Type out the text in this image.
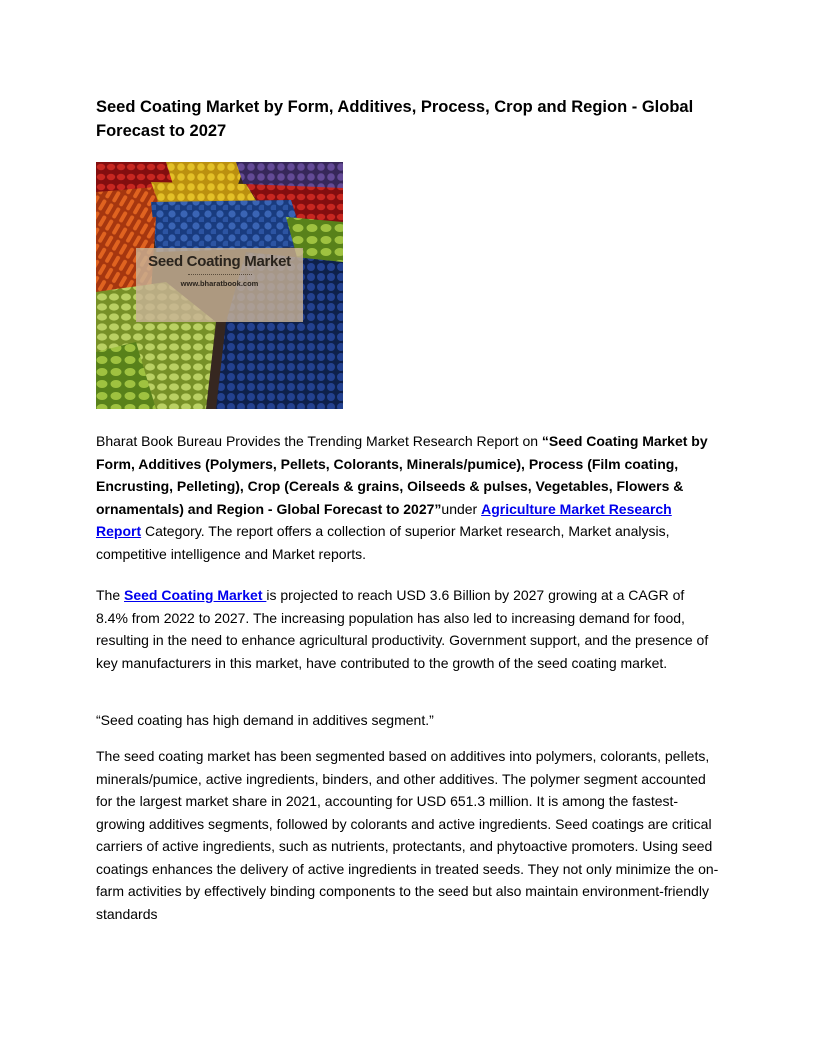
Seed Coating Market by Form, Additives, Process, Crop and Region - Global Forecast to 2027
Seed Coating Market
www.bharatbook.com

Bharat Book Bureau Provides the Trending Market Research Report on “Seed Coating Market by Form, Additives (Polymers, Pellets, Colorants, Minerals/pumice), Process (Film coating, Encrusting, Pelleting), Crop (Cereals & grains, Oilseeds & pulses, Vegetables, Flowers & ornamentals) and Region - Global Forecast to 2027”under Agriculture Market Research Report Category. The report offers a collection of superior Market research, Market analysis, competitive intelligence and Market reports.

The Seed Coating Market is projected to reach USD 3.6 Billion by 2027 growing at a CAGR of 8.4% from 2022 to 2027. The increasing population has also led to increasing demand for food, resulting in the need to enhance agricultural productivity. Government support, and the presence of key manufacturers in this market, have contributed to the growth of the seed coating market.

“Seed coating has high demand in additives segment.”

The seed coating market has been segmented based on additives into polymers, colorants, pellets, minerals/pumice, active ingredients, binders, and other additives. The polymer segment accounted for the largest market share in 2021, accounting for USD 651.3 million. It is among the fastest-growing additives segments, followed by colorants and active ingredients. Seed coatings are critical carriers of active ingredients, such as nutrients, protectants, and phytoactive promoters. Using seed coatings enhances the delivery of active ingredients in treated seeds. They not only minimize the on-farm activities by effectively binding components to the seed but also maintain environment-friendly standards
